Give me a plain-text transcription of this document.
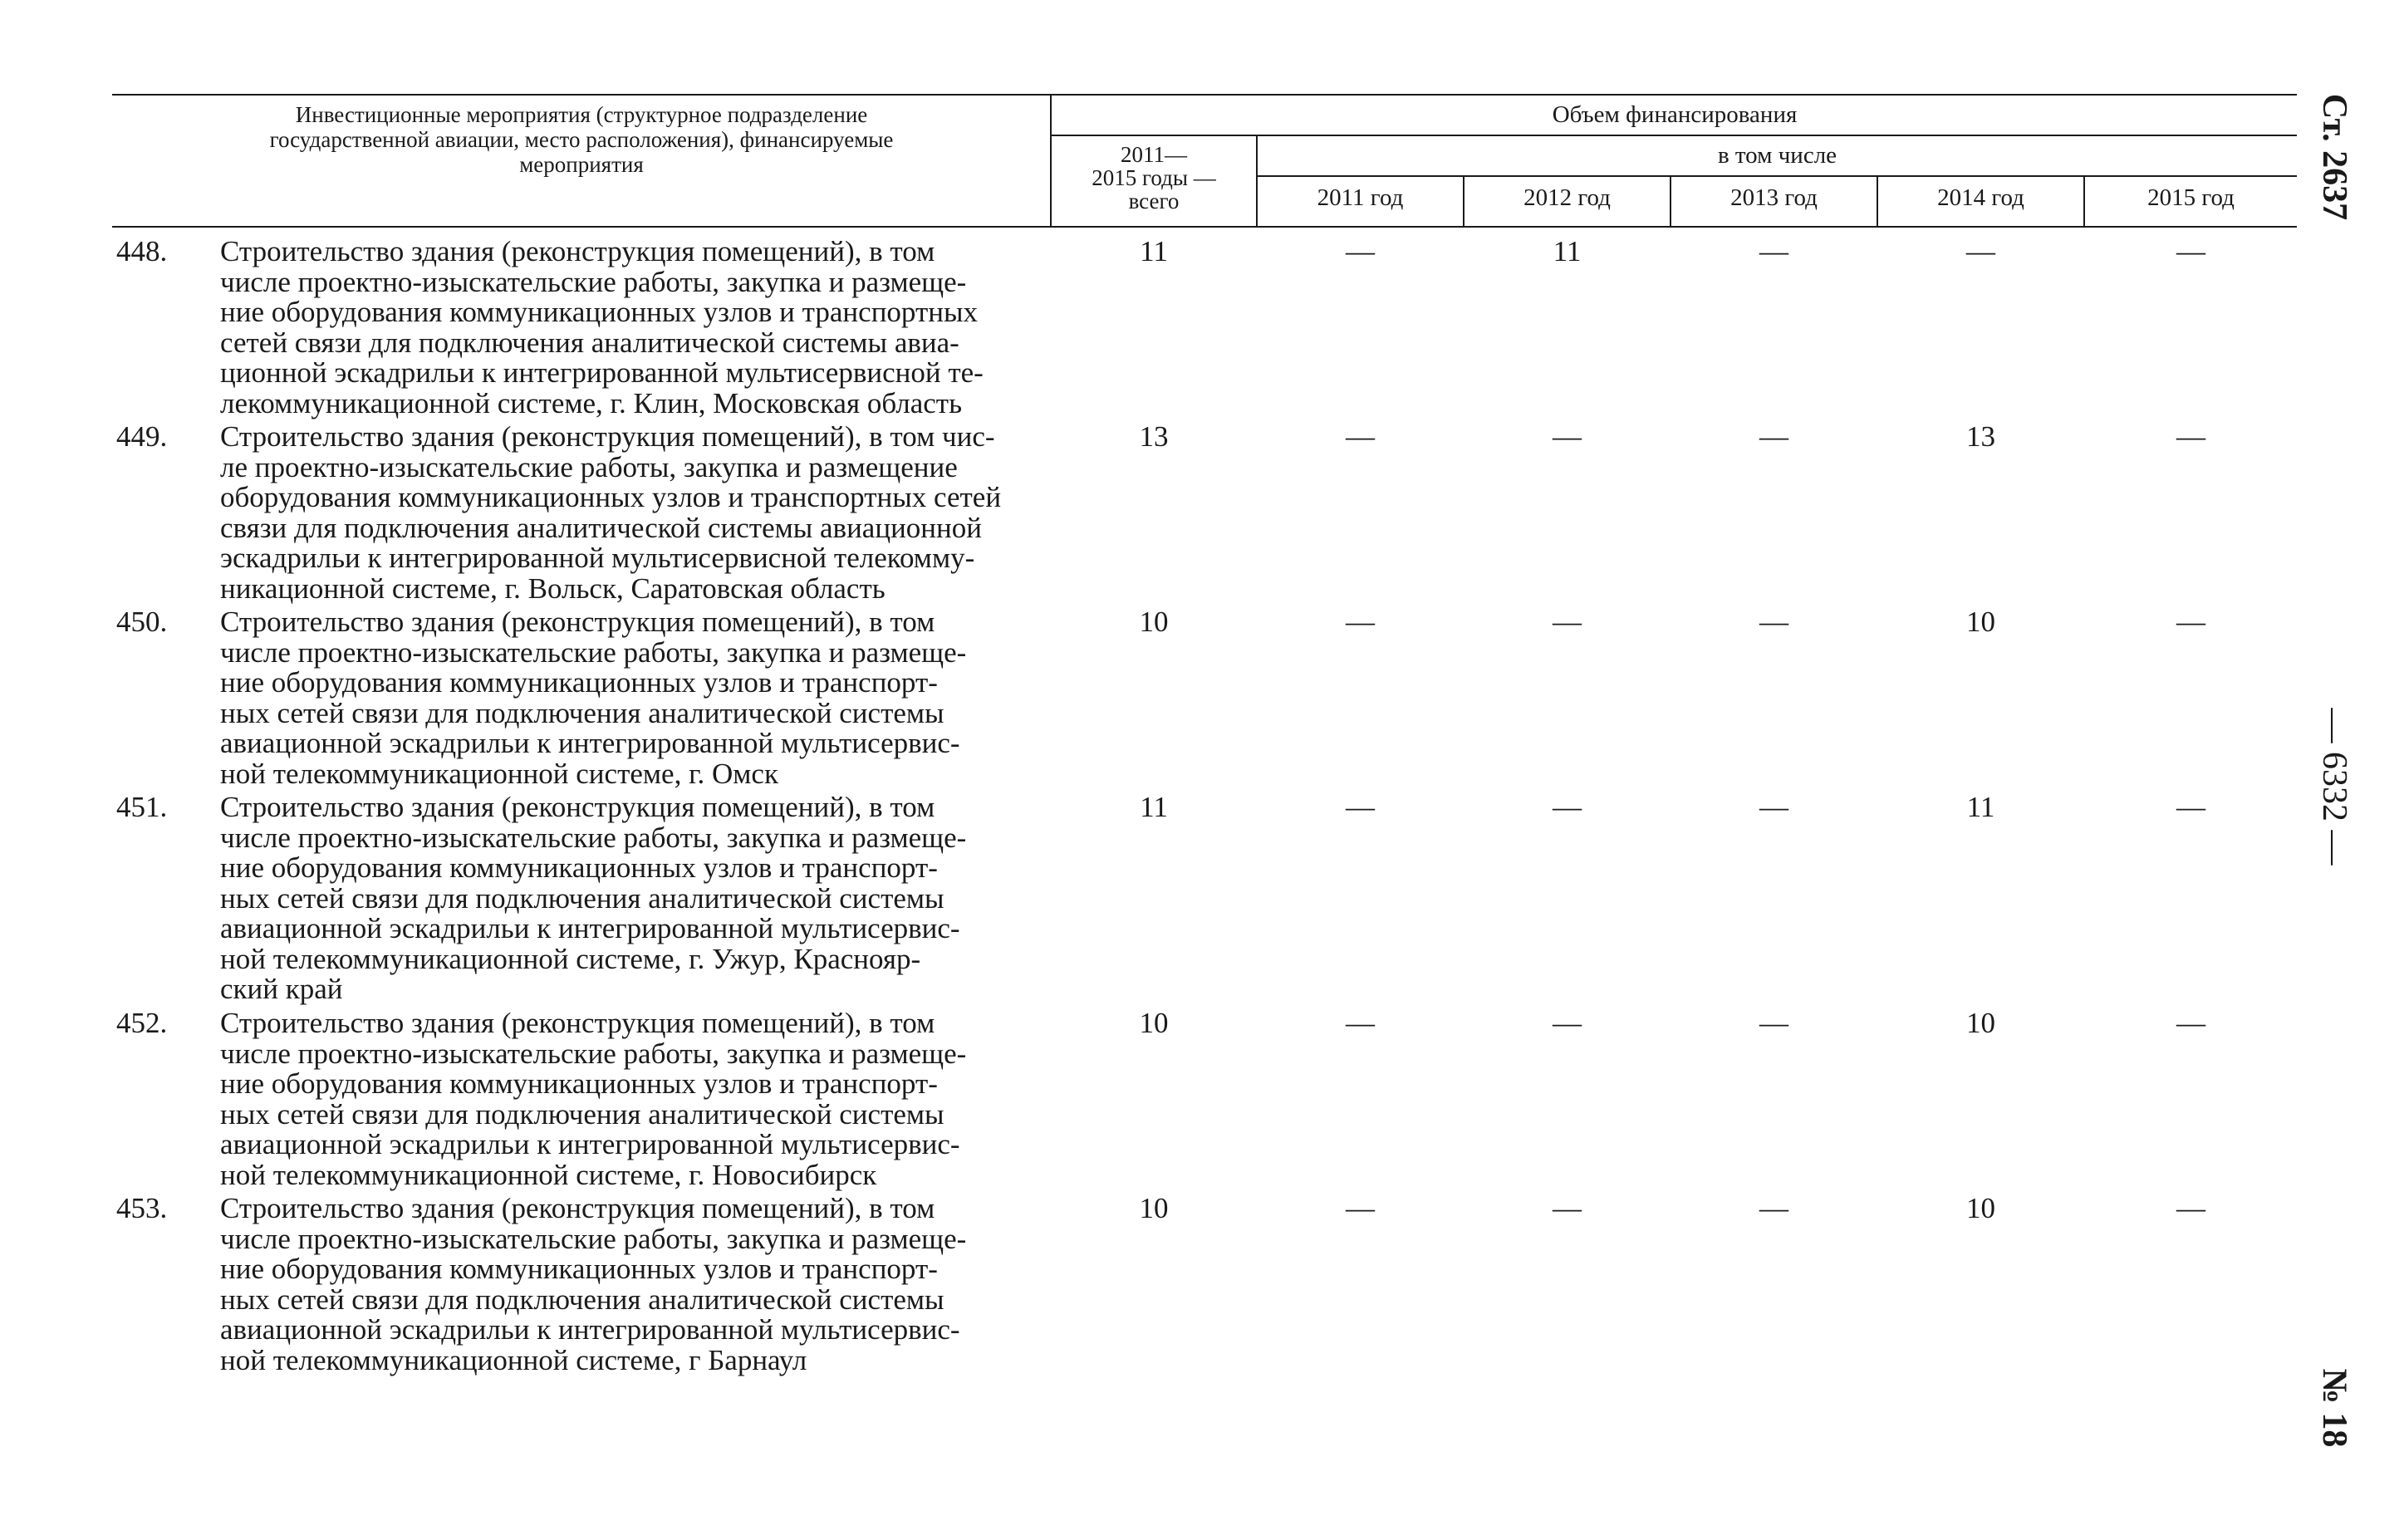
Инвестиционные мероприятия (структурное подразделение государственной авиации, место расположения), финансируемые мероприятия
Объем финансирования
2011—
2015 годы —
всего
в том числе
2011 год	2012 год	2013 год	2014 год	2015 год
448. Строительство здания (реконструкция помещений), в том
числе проектно-изыскательские работы, закупка и размеще-
ние оборудования коммуникационных узлов и транспортных
сетей связи для подключения аналитической системы авиа-
ционной эскадрильи к интегрированной мультисервисной те-
лекоммуникационной системе, г. Клин, Московская область
11	—	11	—	—	—
449. Строительство здания (реконструкция помещений), в том чис-
ле проектно-изыскательские работы, закупка и размещение
оборудования коммуникационных узлов и транспортных сетей
связи для подключения аналитической системы авиационной
эскадрильи к интегрированной мультисервисной телекомму-
никационной системе, г. Вольск, Саратовская область
13	—	—	—	13	—
450. Строительство здания (реконструкция помещений), в том
числе проектно-изыскательские работы, закупка и размеще-
ние оборудования коммуникационных узлов и транспорт-
ных сетей связи для подключения аналитической системы
авиационной эскадрильи к интегрированной мультисервис-
ной телекоммуникационной системе, г. Омск
10	—	—	—	10	—
451. Строительство здания (реконструкция помещений), в том
числе проектно-изыскательские работы, закупка и размеще-
ние оборудования коммуникационных узлов и транспорт-
ных сетей связи для подключения аналитической системы
авиационной эскадрильи к интегрированной мультисервис-
ной телекоммуникационной системе, г. Ужур, Краснояр-
ский край
11	—	—	—	11	—
452. Строительство здания (реконструкция помещений), в том
числе проектно-изыскательские работы, закупка и размеще-
ние оборудования коммуникационных узлов и транспорт-
ных сетей связи для подключения аналитической системы
авиационной эскадрильи к интегрированной мультисервис-
ной телекоммуникационной системе, г. Новосибирск
10	—	—	—	10	—
453. Строительство здания (реконструкция помещений), в том
числе проектно-изыскательские работы, закупка и размеще-
ние оборудования коммуникационных узлов и транспорт-
ных сетей связи для подключения аналитической системы
авиационной эскадрильи к интегрированной мультисервис-
ной телекоммуникационной системе, г Барнаул
10	—	—	—	10	—
Ст. 2637
— 6332 —
№ 18
